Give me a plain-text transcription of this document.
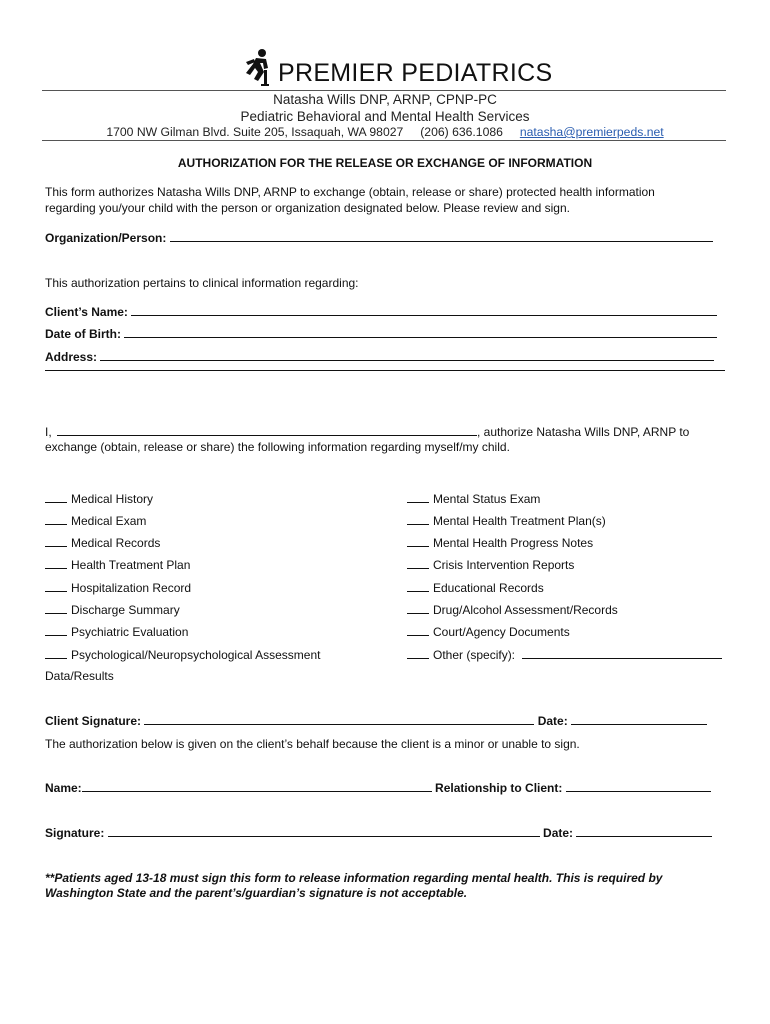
PREMIER PEDIATRICS
Natasha Wills DNP, ARNP, CPNP-PC
Pediatric Behavioral and Mental Health Services
1700 NW Gilman Blvd. Suite 205, Issaquah, WA 98027 (206) 636.1086 natasha@premierpeds.net
AUTHORIZATION FOR THE RELEASE OR EXCHANGE OF INFORMATION
This form authorizes Natasha Wills DNP, ARNP to exchange (obtain, release or share) protected health information
regarding you/your child with the person or organization designated below. Please review and sign.
Organization/Person:
This authorization pertains to clinical information regarding:
Client’s Name:
Date of Birth:
Address:
I,	, authorize Natasha Wills DNP, ARNP to
exchange (obtain, release or share) the following information regarding myself/my child.
Medical History
Medical Exam
Medical Records
Health Treatment Plan
Hospitalization Record
Discharge Summary
Psychiatric Evaluation
Psychological/Neuropsychological Assessment
Data/Results
Mental Status Exam
Mental Health Treatment Plan(s)
Mental Health Progress Notes
Crisis Intervention Reports
Educational Records
Drug/Alcohol Assessment/Records
Court/Agency Documents
Other (specify):
Client Signature:	Date:
The authorization below is given on the client’s behalf because the client is a minor or unable to sign.
Name:	Relationship to Client:
Signature:	Date:
**Patients aged 13-18 must sign this form to release information regarding mental health. This is required by
Washington State and the parent’s/guardian’s signature is not acceptable.
